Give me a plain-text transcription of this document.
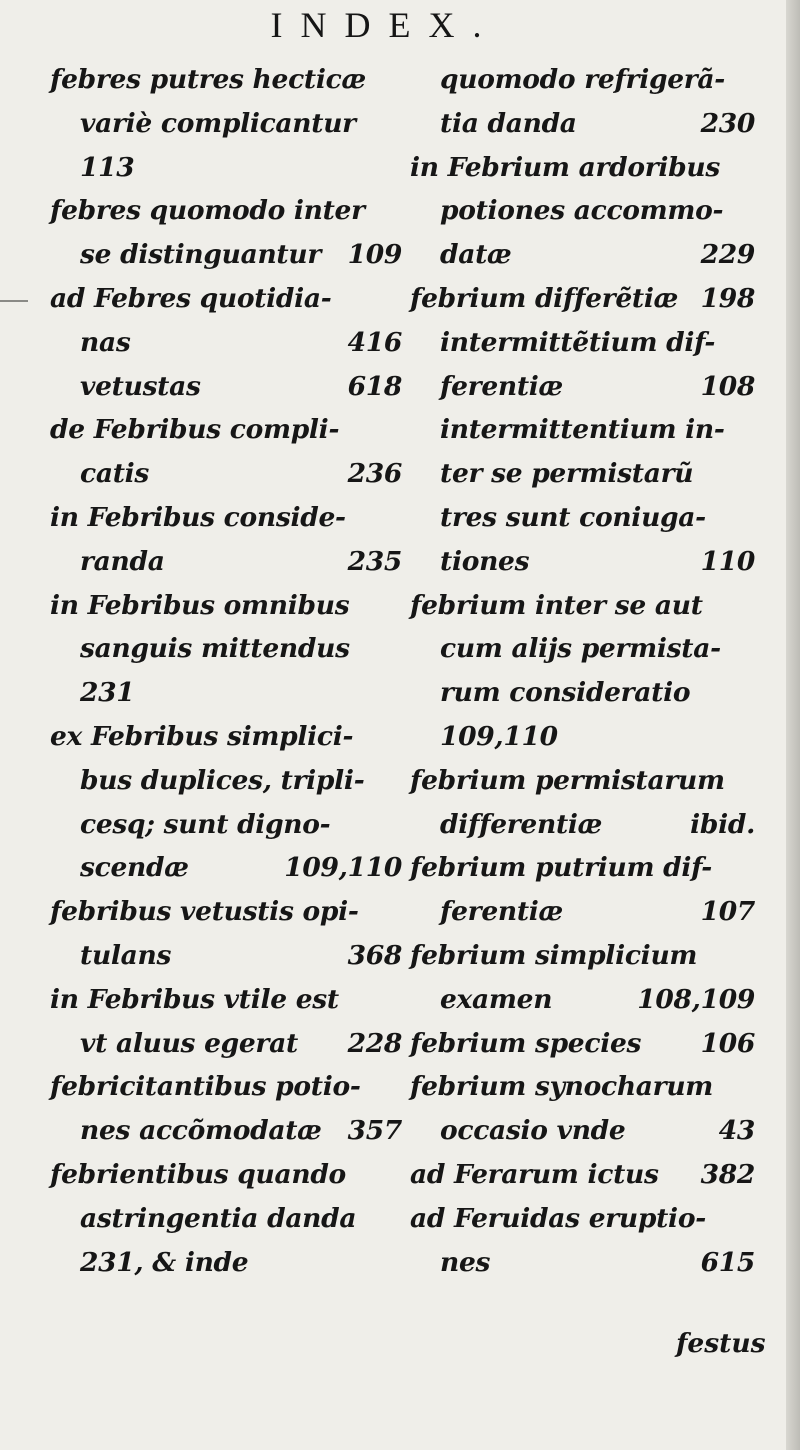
INDEX.
febres putres hecticæ
variè complicantur
113
febres quomodo inter
se distinguantur 109
ad Febres quotidia-
nas	416
vetustas	618
de Febribus compli-
catis	236
in Febribus conside-
randa	235
in Febribus omnibus
sanguis mittendus
231
ex Febribus simplici-
bus duplices, tripli-
cesq; sunt digno-
scendæ	109,110
febribus vetustis opi-
tulans	368
in Febribus vtile est
vt aluus egerat 228
febricitantibus potio-
nes accõmodatæ 357
febrientibus quando
astringentia danda
231, & inde
quomodo refrigerã-
tia danda	230
in Febrium ardoribus
potiones accommo-
datæ	229
febrium differẽtiæ 198
intermittẽtium dif-
ferentiæ	108
intermittentium in-
ter se permistarũ
tres sunt coniuga-
tiones	110
febrium inter se aut
cum alijs permista-
rum consideratio
109,110
febrium permistarum
differentiæ	ibid.
febrium putrium dif-
ferentiæ	107
febrium simplicium
examen	108,109
febrium species 106
febrium synocharum
occasio vnde	43
ad Ferarum ictus 382
ad Feruidas eruptio-
nes	615
festus
